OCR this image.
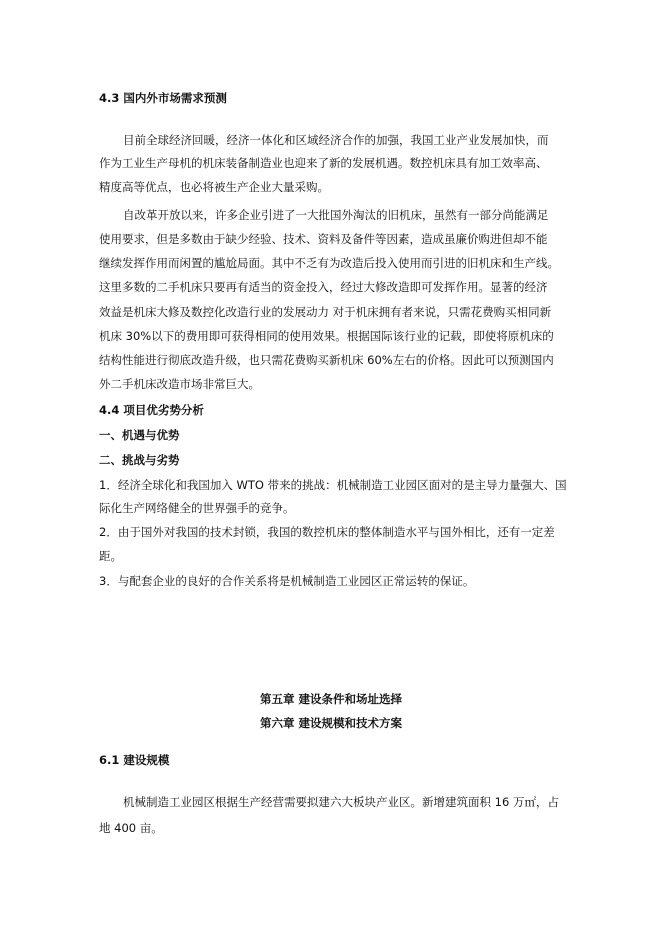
4.3 国内外市场需求预测
目前全球经济回暖，经济一体化和区域经济合作的加强，我国工业产业发展加快，而
作为工业生产母机的机床装备制造业也迎来了新的发展机遇。数控机床具有加工效率高、
精度高等优点，也必将被生产企业大量采购。
自改革开放以来，许多企业引进了一大批国外淘汰的旧机床，虽然有一部分尚能满足
使用要求，但是多数由于缺少经验、技术、资料及备件等因素，造成虽廉价购进但却不能
继续发挥作用而闲置的尴尬局面。其中不乏有为改造后投入使用而引进的旧机床和生产线。
这里多数的二手机床只要再有适当的资金投入，经过大修改造即可发挥作用。显著的经济
效益是机床大修及数控化改造行业的发展动力 对于机床拥有者来说，只需花费购买相同新
机床 30%以下的费用即可获得相同的使用效果。根据国际该行业的记载，即使将原机床的
结构性能进行彻底改造升级，也只需花费购买新机床 60%左右的价格。因此可以预测国内
外二手机床改造市场非常巨大。
4.4 项目优劣势分析
一、机遇与优势
二、挑战与劣势
1．经济全球化和我国加入 WTO 带来的挑战：机械制造工业园区面对的是主导力量强大、国
际化生产网络健全的世界强手的竞争。
2．由于国外对我国的技术封锁，我国的数控机床的整体制造水平与国外相比，还有一定差
距。
3．与配套企业的良好的合作关系将是机械制造工业园区正常运转的保证。
第五章 建设条件和场址选择
第六章 建设规模和技术方案
6.1 建设规模
机械制造工业园区根据生产经营需要拟建六大板块产业区。新增建筑面积 16 万㎡，占
地 400 亩。
